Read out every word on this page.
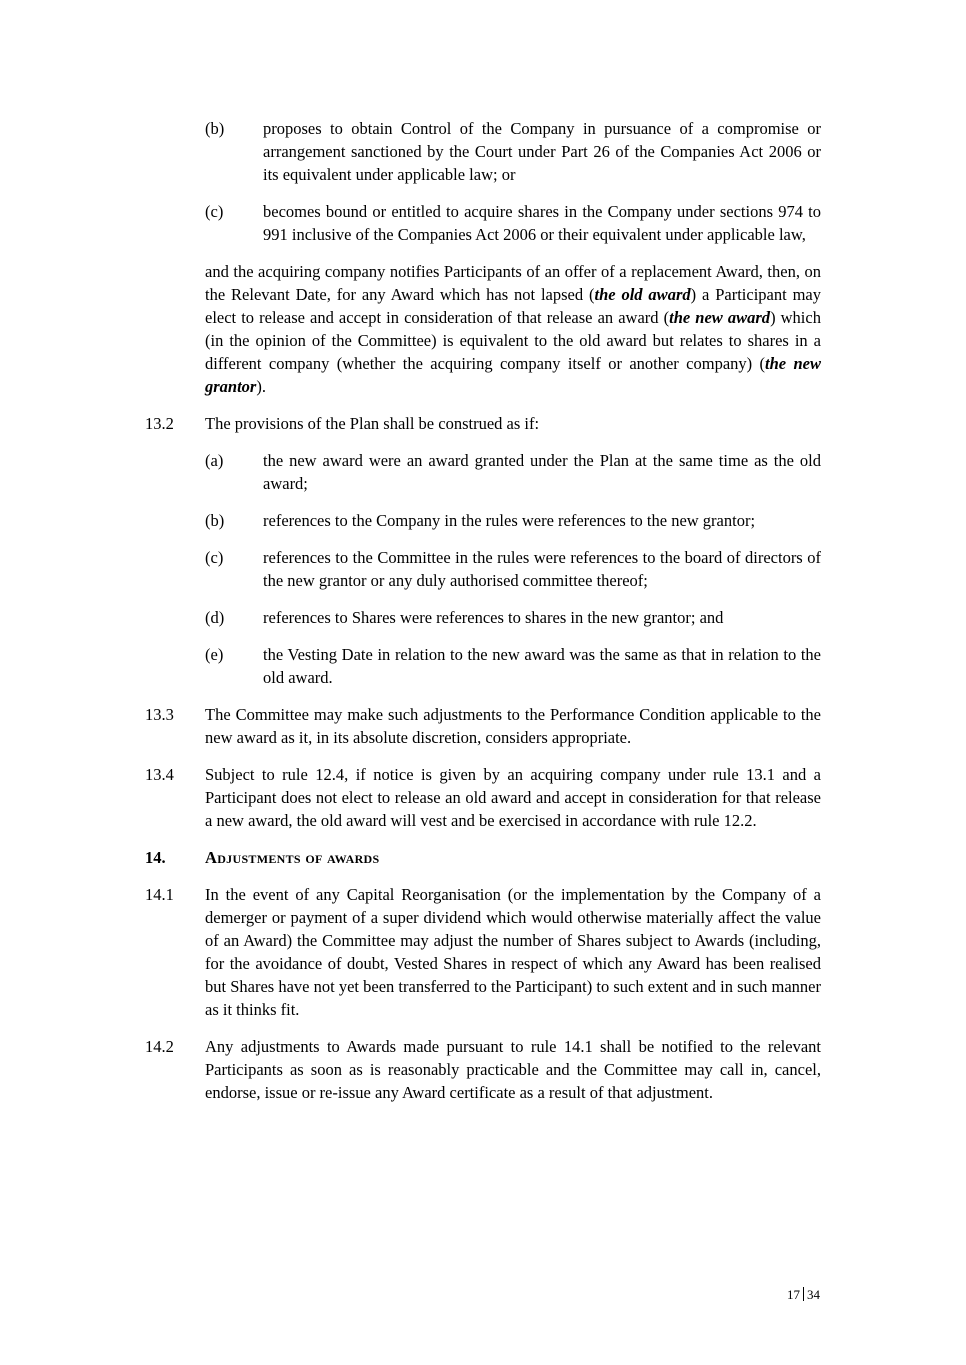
(b)	proposes to obtain Control of the Company in pursuance of a compromise or arrangement sanctioned by the Court under Part 26 of the Companies Act 2006 or its equivalent under applicable law; or
(c)	becomes bound or entitled to acquire shares in the Company under sections 974 to 991 inclusive of the Companies Act 2006 or their equivalent under applicable law,
and the acquiring company notifies Participants of an offer of a replacement Award, then, on the Relevant Date, for any Award which has not lapsed (the old award) a Participant may elect to release and accept in consideration of that release an award (the new award) which (in the opinion of the Committee) is equivalent to the old award but relates to shares in a different company (whether the acquiring company itself or another company) (the new grantor).
13.2	The provisions of the Plan shall be construed as if:
(a)	the new award were an award granted under the Plan at the same time as the old award;
(b)	references to the Company in the rules were references to the new grantor;
(c)	references to the Committee in the rules were references to the board of directors of the new grantor or any duly authorised committee thereof;
(d)	references to Shares were references to shares in the new grantor; and
(e)	the Vesting Date in relation to the new award was the same as that in relation to the old award.
13.3	The Committee may make such adjustments to the Performance Condition applicable to the new award as it, in its absolute discretion, considers appropriate.
13.4	Subject to rule 12.4, if notice is given by an acquiring company under rule 13.1 and a Participant does not elect to release an old award and accept in consideration for that release a new award, the old award will vest and be exercised in accordance with rule 12.2.
14.	Adjustments of awards
14.1	In the event of any Capital Reorganisation (or the implementation by the Company of a demerger or payment of a super dividend which would otherwise materially affect the value of an Award) the Committee may adjust the number of Shares subject to Awards (including, for the avoidance of doubt, Vested Shares in respect of which any Award has been realised but Shares have not yet been transferred to the Participant) to such extent and in such manner as it thinks fit.
14.2	Any adjustments to Awards made pursuant to rule 14.1 shall be notified to the relevant Participants as soon as is reasonably practicable and the Committee may call in, cancel, endorse, issue or re-issue any Award certificate as a result of that adjustment.
17 34
